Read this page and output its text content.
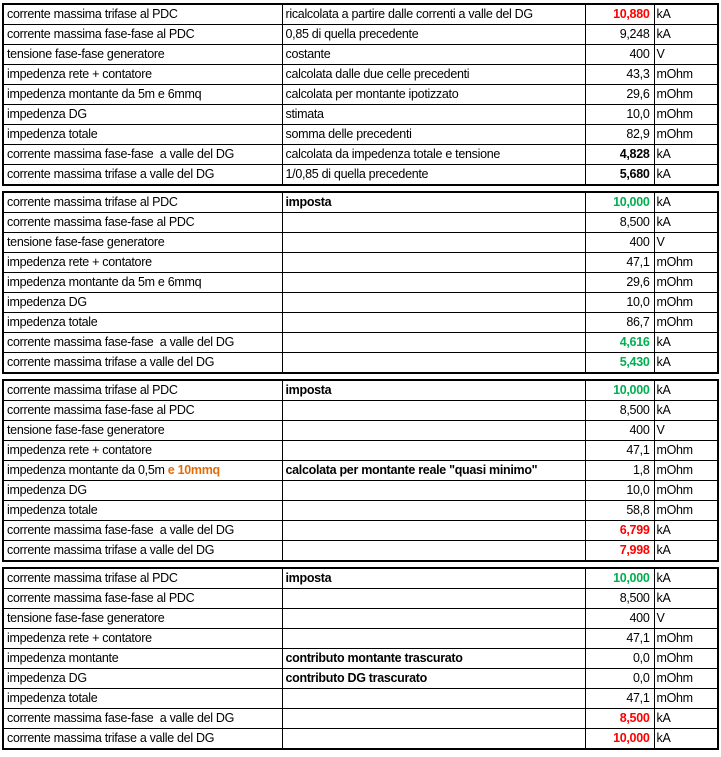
corrente massima trifase al PDC	ricalcolata a partire dalle correnti a valle del DG	10,880	kA
corrente massima fase-fase al PDC	0,85 di quella precedente	9,248	kA
tensione fase-fase generatore	costante	400	V
impedenza rete + contatore	calcolata dalle due celle precedenti	43,3	mOhm
impedenza montante da 5m e 6mmq	calcolata per montante ipotizzato	29,6	mOhm
impedenza DG	stimata	10,0	mOhm
impedenza totale	somma delle precedenti	82,9	mOhm
corrente massima fase-fase  a valle del DG	calcolata da impedenza totale e tensione	4,828	kA
corrente massima trifase a valle del DG	1/0,85 di quella precedente	5,680	kA
corrente massima trifase al PDC	imposta	10,000	kA
corrente massima fase-fase al PDC		8,500	kA
tensione fase-fase generatore		400	V
impedenza rete + contatore		47,1	mOhm
impedenza montante da 5m e 6mmq		29,6	mOhm
impedenza DG		10,0	mOhm
impedenza totale		86,7	mOhm
corrente massima fase-fase  a valle del DG		4,616	kA
corrente massima trifase a valle del DG		5,430	kA
corrente massima trifase al PDC	imposta	10,000	kA
corrente massima fase-fase al PDC		8,500	kA
tensione fase-fase generatore		400	V
impedenza rete + contatore		47,1	mOhm
impedenza montante da 0,5m e 10mmq	calcolata per montante reale "quasi minimo"	1,8	mOhm
impedenza DG		10,0	mOhm
impedenza totale		58,8	mOhm
corrente massima fase-fase  a valle del DG		6,799	kA
corrente massima trifase a valle del DG		7,998	kA
corrente massima trifase al PDC	imposta	10,000	kA
corrente massima fase-fase al PDC		8,500	kA
tensione fase-fase generatore		400	V
impedenza rete + contatore		47,1	mOhm
impedenza montante	contributo montante trascurato	0,0	mOhm
impedenza DG	contributo DG trascurato	0,0	mOhm
impedenza totale		47,1	mOhm
corrente massima fase-fase  a valle del DG		8,500	kA
corrente massima trifase a valle del DG		10,000	kA
